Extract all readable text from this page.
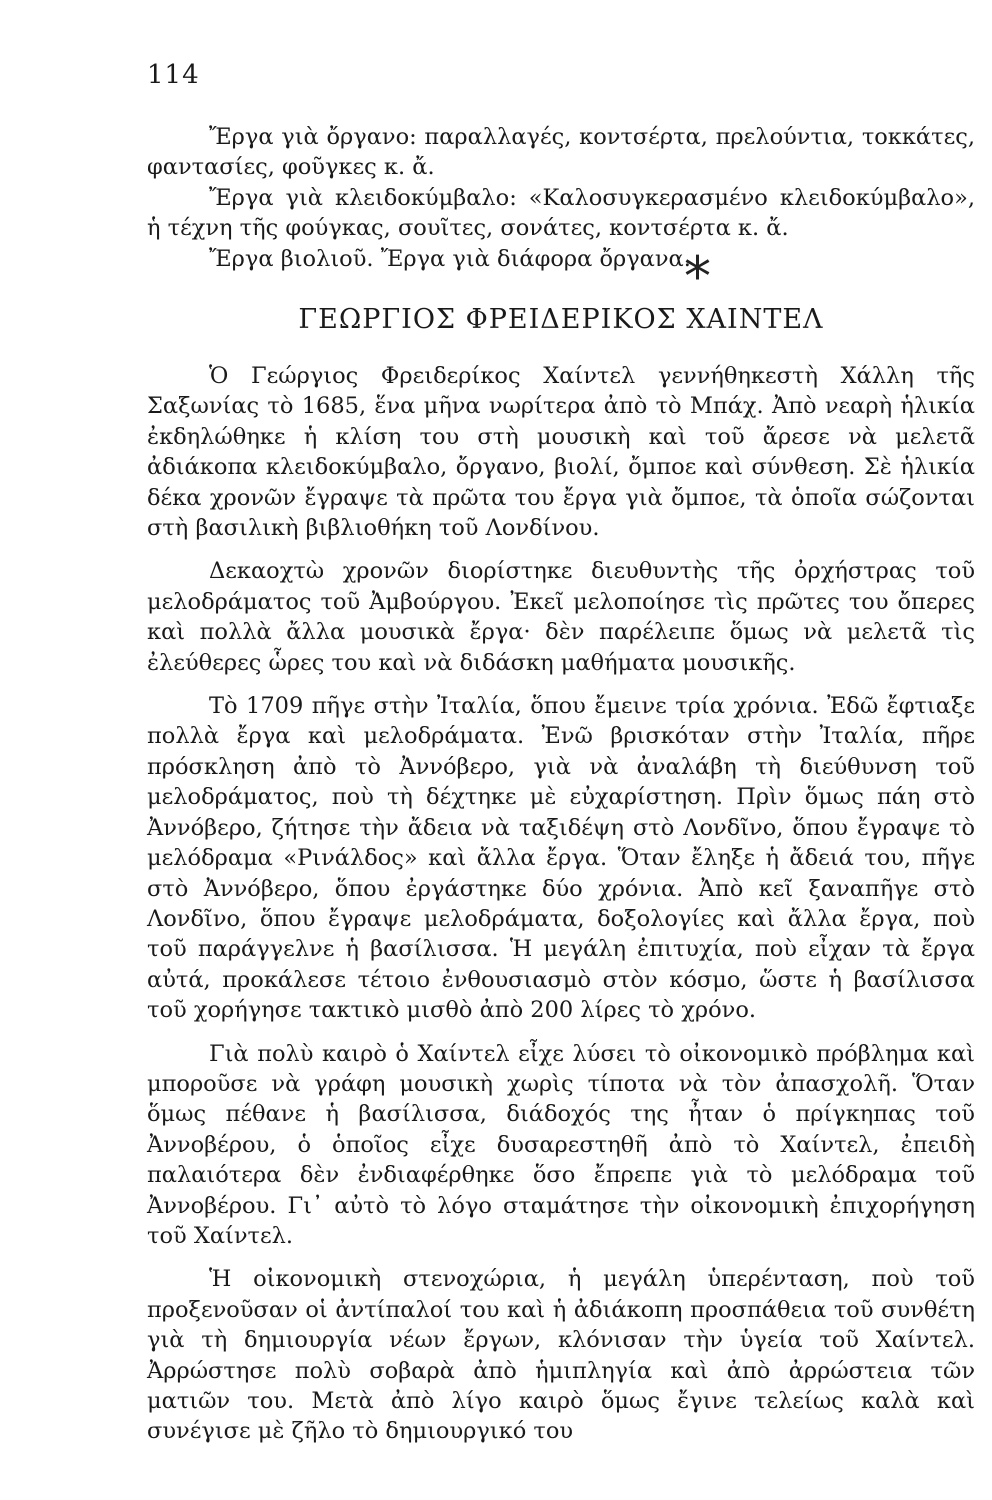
114

Ἔργα γιὰ ὄργανο: παραλλαγές, κοντσέρτα, πρελούντια, τοκκάτες, φαντασίες, φοῦγκες κ. ἄ.

Ἔργα γιὰ κλειδοκύμβαλο: «Καλοσυγκερασμένο κλειδοκύμβαλο», ἡ τέχνη τῆς φούγκας, σουῖτες, σονάτες, κοντσέρτα κ. ἄ.

Ἔργα βιολιοῦ. Ἔργα γιὰ διάφορα ὄργανα.

*
ΓΕΩΡΓΙΟΣ ΦΡΕΙΔΕΡΙΚΟΣ ΧΑΙΝΤΕΛ

Ὁ Γεώργιος Φρειδερίκος Χαίντελ γεννήθηκεστὴ Χάλλη τῆς Σαξωνίας τὸ 1685, ἕνα μῆνα νωρίτερα ἀπὸ τὸ Μπάχ. Ἀπὸ νεαρὴ ἡλικία ἐκδηλώθηκε ἡ κλίση του στὴ μουσικὴ καὶ τοῦ ἄρεσε νὰ μελετᾶ ἀδιάκοπα κλειδοκύμβαλο, ὄργανο, βιολί, ὄμποε καὶ σύνθεση. Σὲ ἡλικία δέκα χρονῶν ἔγραψε τὰ πρῶτα του ἔργα γιὰ ὄμποε, τὰ ὁποῖα σώζονται στὴ βασιλικὴ βιβλιοθήκη τοῦ Λονδίνου.

Δεκαοχτὼ χρονῶν διορίστηκε διευθυντὴς τῆς ὀρχήστρας τοῦ μελοδράματος τοῦ Ἀμβούργου. Ἐκεῖ μελοποίησε τὶς πρῶτες του ὄπερες καὶ πολλὰ ἄλλα μουσικὰ ἔργα· δὲν παρέλειπε ὅμως νὰ μελετᾶ τὶς ἐλεύθερες ὧρες του καὶ νὰ διδάσκη μαθήματα μουσικῆς.

Τὸ 1709 πῆγε στὴν Ἰταλία, ὅπου ἔμεινε τρία χρόνια. Ἐδῶ ἔφτιαξε πολλὰ ἔργα καὶ μελοδράματα. Ἐνῶ βρισκόταν στὴν Ἰταλία, πῆρε πρόσκληση ἀπὸ τὸ Ἀννόβερο, γιὰ νὰ ἀναλάβη τὴ διεύθυνση τοῦ μελοδράματος, ποὺ τὴ δέχτηκε μὲ εὐχαρίστηση. Πρὶν ὅμως πάη στὸ Ἀννόβερο, ζήτησε τὴν ἄδεια νὰ ταξιδέψη στὸ Λονδῖνο, ὅπου ἔγραψε τὸ μελόδραμα «Ρινάλδος» καὶ ἄλλα ἔργα. Ὅταν ἔληξε ἡ ἄδειά του, πῆγε στὸ Ἀννόβερο, ὅπου ἐργάστηκε δύο χρόνια. Ἀπὸ κεῖ ξαναπῆγε στὸ Λονδῖνο, ὅπου ἔγραψε μελοδράματα, δοξολογίες καὶ ἄλλα ἔργα, ποὺ τοῦ παράγγελνε ἡ βασίλισσα. Ἡ μεγάλη ἐπιτυχία, ποὺ εἶχαν τὰ ἔργα αὐτά, προκάλεσε τέτοιο ἐνθουσιασμὸ στὸν κόσμο, ὥστε ἡ βασίλισσα τοῦ χορήγησε τακτικὸ μισθὸ ἀπὸ 200 λίρες τὸ χρόνο.

Γιὰ πολὺ καιρὸ ὁ Χαίντελ εἶχε λύσει τὸ οἰκονομικὸ πρόβλημα καὶ μποροῦσε νὰ γράφη μουσικὴ χωρὶς τίποτα νὰ τὸν ἀπασχολῆ. Ὅταν ὅμως πέθανε ἡ βασίλισσα, διάδοχός της ἦταν ὁ πρίγκηπας τοῦ Ἀννοβέρου, ὁ ὁποῖος εἶχε δυσαρεστηθῆ ἀπὸ τὸ Χαίντελ, ἐπειδὴ παλαιότερα δὲν ἐνδιαφέρθηκε ὅσο ἔπρεπε γιὰ τὸ μελόδραμα τοῦ Ἀννοβέρου. Γι᾿ αὐτὸ τὸ λόγο σταμάτησε τὴν οἰκονομικὴ ἐπιχορήγηση τοῦ Χαίντελ.

Ἡ οἰκονομικὴ στενοχώρια, ἡ μεγάλη ὑπερένταση, ποὺ τοῦ προξενοῦσαν οἱ ἀντίπαλοί του καὶ ἡ ἀδιάκοπη προσπάθεια τοῦ συνθέτη γιὰ τὴ δημιουργία νέων ἔργων, κλόνισαν τὴν ὑγεία τοῦ Χαίντελ. Ἀρρώστησε πολὺ σοβαρὰ ἀπὸ ἡμιπληγία καὶ ἀπὸ ἀρρώστεια τῶν ματιῶν του. Μετὰ ἀπὸ λίγο καιρὸ ὅμως ἔγινε τελείως καλὰ καὶ συνέγισε μὲ ζῆλο τὸ δημιουργικό του
